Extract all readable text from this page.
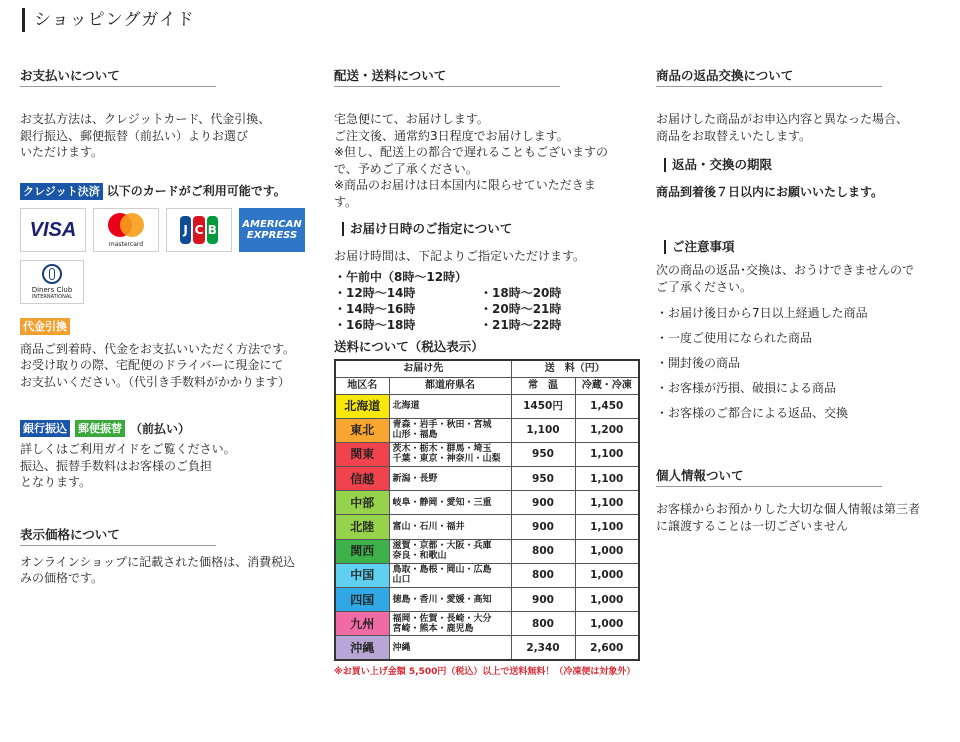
ショッピングガイド
お支払いについて
お支払方法は、クレジットカード、代金引換、
銀行振込、郵便振替（前払い）よりお選び
いただけます。
クレジット決済 以下のカードがご利用可能です。
VISA
mastercard
J C B	AMERICAN
EXPRESS
Diners Club
INTERNATIONAL
代金引換
商品ご到着時、代金をお支払いいただく方法です。
お受け取りの際、宅配便のドライバーに現金にて
お支払いください。（代引き手数料がかかります）
銀行振込 郵便振替 （前払い）
詳しくはご利用ガイドをご覧ください。
振込、振替手数料はお客様のご負担
となります。
表示価格について
オンラインショップに記載された価格は、消費税込
みの価格です。
配送・送料について
宅急便にて、お届けします。
ご注文後、通常約3日程度でお届けします。
※但し、配送上の都合で遅れることもございますの
で、予めご了承ください。
※商品のお届けは日本国内に限らせていただきま
す。
お届け日時のご指定について
お届け時間は、下記よりご指定いただけます。
・午前中（8時～12時）
・12時～14時	・18時～20時
・14時～16時	・20時～21時
・16時～18時	・21時～22時
送料について（税込表示）
お届け先		送　料（円）	
地区名	都道府県名	常　温	冷蔵・冷凍
北海道	北海道	1450円	1,450
東北	青森・岩手・秋田・宮城
山形・福島	1,100	1,200
関東	茨木・栃木・群馬・埼玉
千葉・東京・神奈川・山梨	950	1,100
信越	新潟・長野	950	1,100
中部	岐阜・静岡・愛知・三重	900	1,100
北陸	富山・石川・福井	900	1,100
関西	滋賀・京都・大阪・兵庫
奈良・和歌山	800	1,000
中国	鳥取・島根・岡山・広島
山口	800	1,000
四国	徳島・香川・愛媛・高知	900	1,000
九州	福岡・佐賀・長崎・大分
宮崎・熊本・鹿児島	800	1,000
沖縄	沖縄	2,340	2,600
※お買い上げ金額 5,500円（税込）以上で送料無料！（冷凍便は対象外）
商品の返品交換について
お届けした商品がお申込内容と異なった場合、
商品をお取替えいたします。
返品・交換の期限
商品到着後７日以内にお願いいたします。
ご注意事項
次の商品の返品･交換は、おうけできませんので
ご了承ください。
・お届け後日から7日以上経過した商品
・一度ご使用になられた商品
・開封後の商品
・お客様が汚損、破損による商品
・お客様のご都合による返品、交換
個人情報ついて
お客様からお預かりした大切な個人情報は第三者
に譲渡することは一切ございません
